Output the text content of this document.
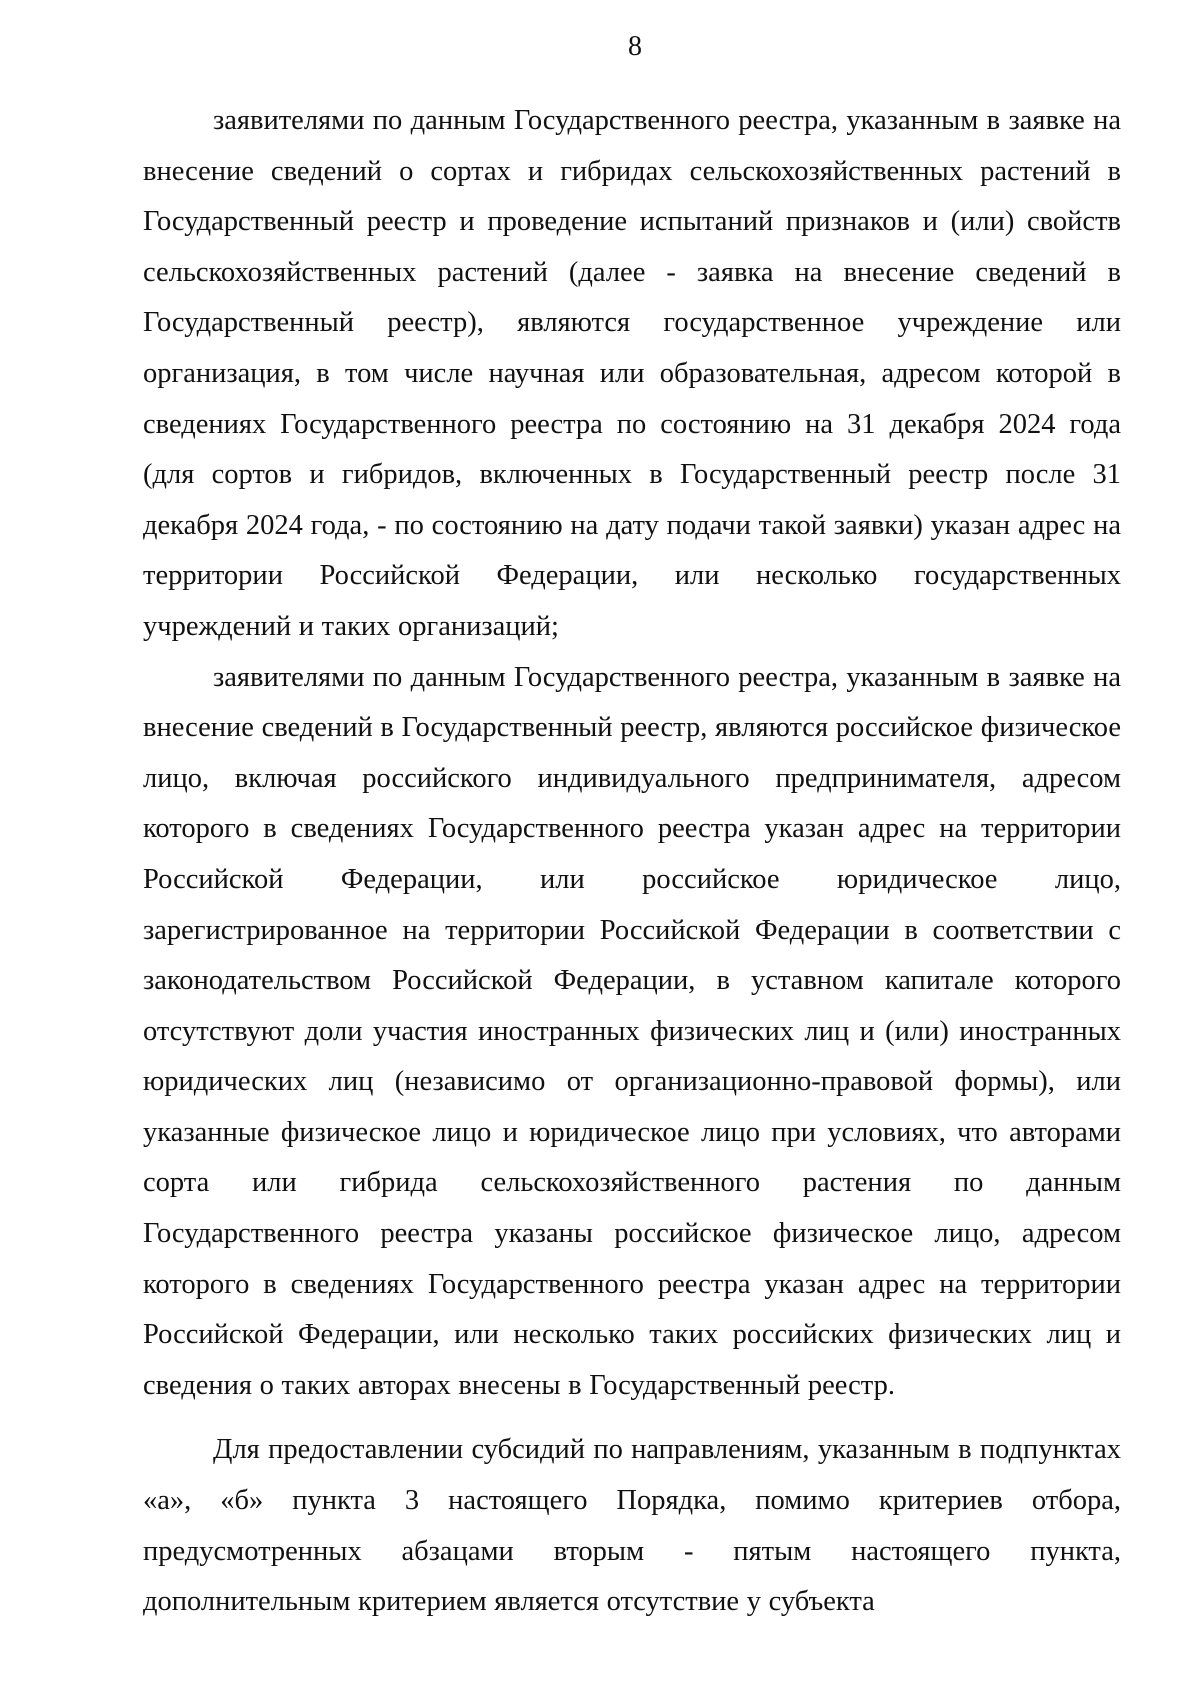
8

заявителями по данным Государственного реестра, указанным в заявке на внесение сведений о сортах и гибридах сельскохозяйственных растений в Государственный реестр и проведение испытаний признаков и (или) свойств сельскохозяйственных растений (далее - заявка на внесение сведений в Государственный реестр), являются государственное учреждение или организация, в том числе научная или образовательная, адресом которой в сведениях Государственного реестра по состоянию на 31 декабря 2024 года (для сортов и гибридов, включенных в Государственный реестр после 31 декабря 2024 года, - по состоянию на дату подачи такой заявки) указан адрес на территории Российской Федерации, или несколько государственных учреждений и таких организаций;

заявителями по данным Государственного реестра, указанным в заявке на внесение сведений в Государственный реестр, являются российское физическое лицо, включая российского индивидуального предпринимателя, адресом которого в сведениях Государственного реестра указан адрес на территории Российской Федерации, или российское юридическое лицо, зарегистрированное на территории Российской Федерации в соответствии с законодательством Российской Федерации, в уставном капитале которого отсутствуют доли участия иностранных физических лиц и (или) иностранных юридических лиц (независимо от организационно-правовой формы), или указанные физическое лицо и юридическое лицо при условиях, что авторами сорта или гибрида сельскохозяйственного растения по данным Государственного реестра указаны российское физическое лицо, адресом которого в сведениях Государственного реестра указан адрес на территории Российской Федерации, или несколько таких российских физических лиц и сведения о таких авторах внесены в Государственный реестр.

Для предоставлении субсидий по направлениям, указанным в подпунктах «а», «б» пункта 3 настоящего Порядка, помимо критериев отбора, предусмотренных абзацами вторым - пятым настоящего пункта, дополнительным критерием является отсутствие у субъекта
